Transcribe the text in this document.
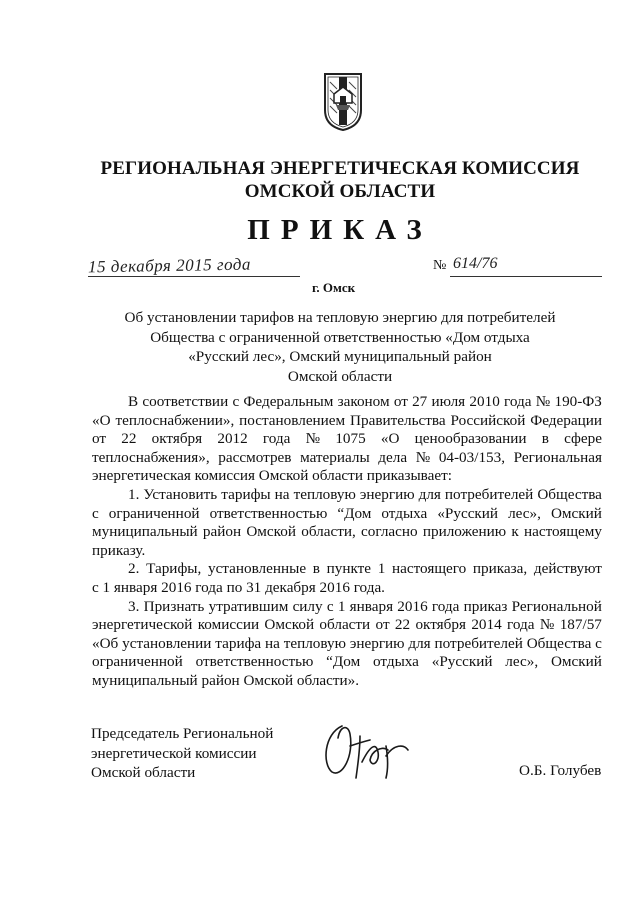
РЕГИОНАЛЬНАЯ ЭНЕРГЕТИЧЕСКАЯ КОМИССИЯ
ОМСКОЙ ОБЛАСТИ
ПРИКАЗ
15 декабря 2015 года	№ 614/76
г. Омск
Об установлении тарифов на тепловую энергию для потребителей
Общества с ограниченной ответственностью «Дом отдыха
«Русский лес», Омский муниципальный район
Омской области
В соответствии с Федеральным законом от 27 июля 2010 года № 190-ФЗ
«О теплоснабжении», постановлением Правительства Российской Федерации
от 22 октября 2012 года № 1075 «О ценообразовании в сфере
теплоснабжения», рассмотрев материалы дела № 04-03/153, Региональная
энергетическая комиссия Омской области приказывает:
1. Установить тарифы на тепловую энергию для потребителей Общества
с ограниченной ответственностью “Дом отдыха «Русский лес», Омский
муниципальный район Омской области, согласно приложению к настоящему
приказу.
2. Тарифы, установленные в пункте 1 настоящего приказа, действуют
с 1 января 2016 года по 31 декабря 2016 года.
3. Признать утратившим силу с 1 января 2016 года приказ Региональной
энергетической комиссии Омской области от 22 октября 2014 года № 187/57
«Об установлении тарифа на тепловую энергию для потребителей Общества с
ограниченной ответственностью “Дом отдыха «Русский лес», Омский
муниципальный район Омской области».
Председатель Региональной
энергетической комиссии
Омской области	О.Б. Голубев
